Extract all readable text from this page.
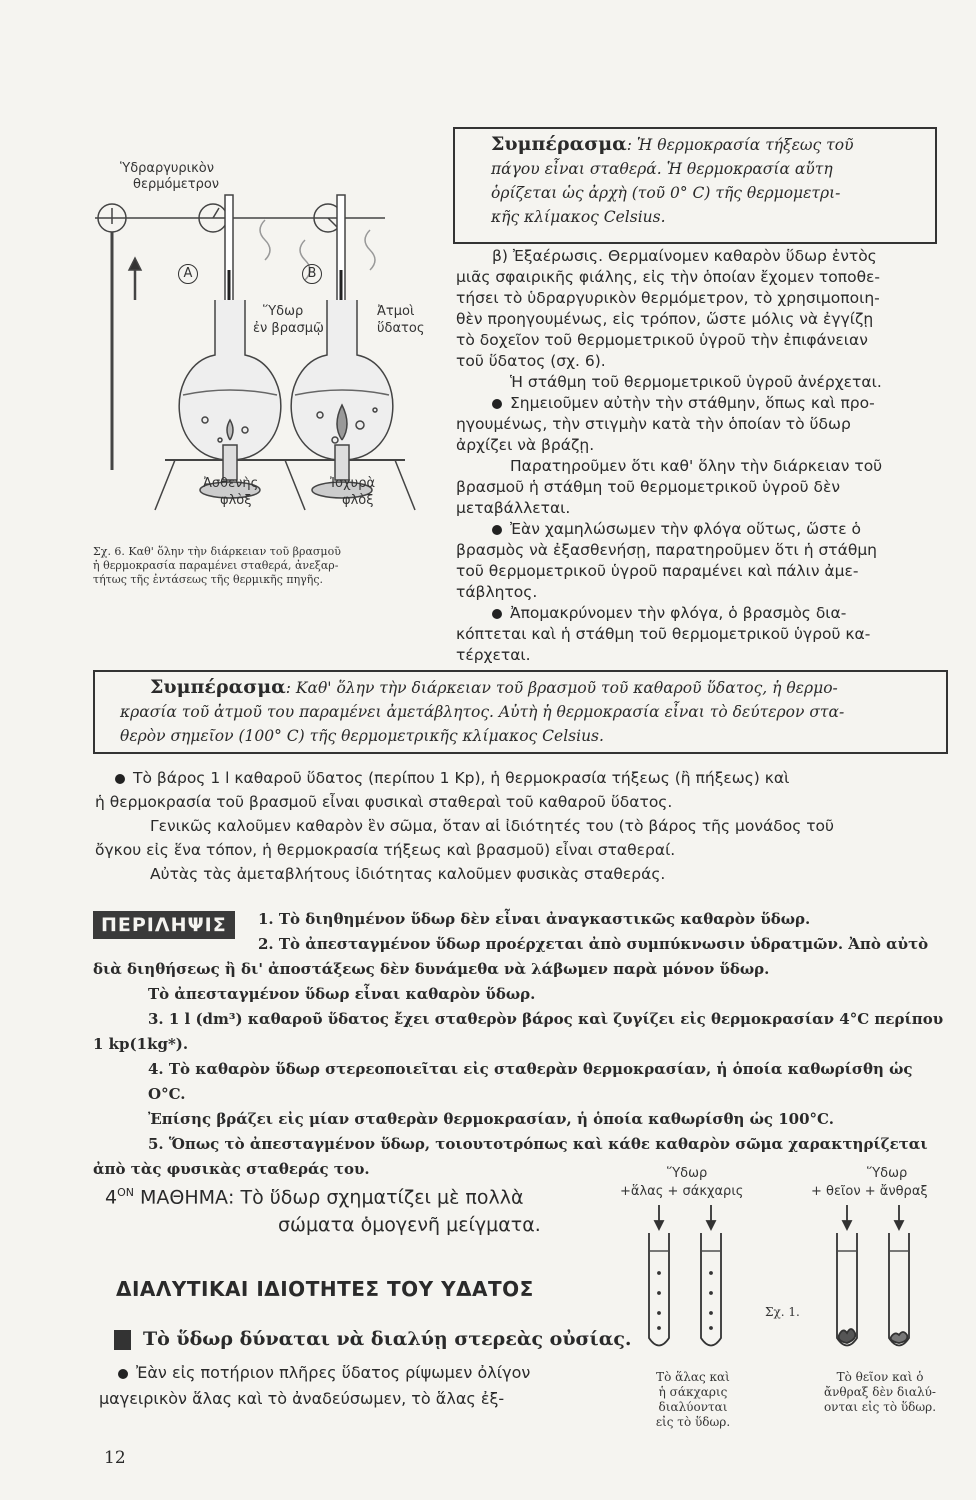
Ὑδραργυρικὸν
θερμόμετρον
A	B
Ὕδωρ
ἐν βρασμῷ
Ἀτμοὶ
ὕδατος
Ἀσθενὴς
φλὸξ
Ἰσχυρὰ
φλὸξ
Σχ. 6. Καθ' ὅλην τὴν διάρκειαν τοῦ βρασμοῦ
ἡ θερμοκρασία παραμένει σταθερά, ἀνεξαρ-
τήτως τῆς ἐντάσεως τῆς θερμικῆς πηγῆς.
Συμπέρασμα: Ἡ θερμοκρασία τήξεως τοῦ
πάγου εἶναι σταθερά. Ἡ θερμοκρασία αὕτη
ὁρίζεται ὡς ἀρχὴ (τοῦ 0° C) τῆς θερμομετρι-
κῆς κλίμακος Celsius.
β) Ἐξαέρωσις. Θερμαίνομεν καθαρὸν ὕδωρ ἐντὸς
μιᾶς σφαιρικῆς φιάλης, εἰς τὴν ὁποίαν ἔχομεν τοποθε-
τήσει τὸ ὑδραργυρικὸν θερμόμετρον, τὸ χρησιμοποιη-
θὲν προηγουμένως, εἰς τρόπον, ὥστε μόλις νὰ ἐγγίζῃ
τὸ δοχεῖον τοῦ θερμομετρικοῦ ὑγροῦ τὴν ἐπιφάνειαν
τοῦ ὕδατος (σχ. 6).
Ἡ στάθμη τοῦ θερμομετρικοῦ ὑγροῦ ἀνέρχεται.
Σημειοῦμεν αὐτὴν τὴν στάθμην, ὅπως καὶ προ-
ηγουμένως, τὴν στιγμὴν κατὰ τὴν ὁποίαν τὸ ὕδωρ
ἀρχίζει νὰ βράζῃ.
Παρατηροῦμεν ὅτι καθ' ὅλην τὴν διάρκειαν τοῦ
βρασμοῦ ἡ στάθμη τοῦ θερμομετρικοῦ ὑγροῦ δὲν
μεταβάλλεται.
Ἐὰν χαμηλώσωμεν τὴν φλόγα οὕτως, ὥστε ὁ
βρασμὸς νὰ ἐξασθενήσῃ, παρατηροῦμεν ὅτι ἡ στάθμη
τοῦ θερμομετρικοῦ ὑγροῦ παραμένει καὶ πάλιν ἀμε-
τάβλητος.
Ἀπομακρύνομεν τὴν φλόγα, ὁ βρασμὸς δια-
κόπτεται καὶ ἡ στάθμη τοῦ θερμομετρικοῦ ὑγροῦ κα-
τέρχεται.
Συμπέρασμα: Καθ' ὅλην τὴν διάρκειαν τοῦ βρασμοῦ τοῦ καθαροῦ ὕδατος, ἡ θερμο-
κρασία τοῦ ἀτμοῦ του παραμένει ἀμετάβλητος. Αὐτὴ ἡ θερμοκρασία εἶναι τὸ δεύτερον στα-
θερὸν σημεῖον (100° C) τῆς θερμομετρικῆς κλίμακος Celsius.
Τὸ βάρος 1 l καθαροῦ ὕδατος (περίπου 1 Kp), ἡ θερμοκρασία τήξεως (ἢ πήξεως) καὶ
ἡ θερμοκρασία τοῦ βρασμοῦ εἶναι φυσικαὶ σταθεραὶ τοῦ καθαροῦ ὕδατος.
Γενικῶς καλοῦμεν καθαρὸν ἓν σῶμα, ὅταν αἱ ἰδιότητές του (τὸ βάρος τῆς μονάδος τοῦ
ὄγκου εἰς ἕνα τόπον, ἡ θερμοκρασία τήξεως καὶ βρασμοῦ) εἶναι σταθεραί.
Αὐτὰς τὰς ἀμεταβλήτους ἰδιότητας καλοῦμεν φυσικὰς σταθεράς.
ΠΕΡΙΛΗΨΙΣ	1. Τὸ διηθημένον ὕδωρ δὲν εἶναι ἀναγκαστικῶς καθαρὸν ὕδωρ.
2. Τὸ ἀπεσταγμένον ὕδωρ προέρχεται ἀπὸ συμπύκνωσιν ὑδρατμῶν. Ἀπὸ αὐτὸ
διὰ διηθήσεως ἢ δι' ἀποστάξεως δὲν δυνάμεθα νὰ λάβωμεν παρὰ μόνον ὕδωρ.
Τὸ ἀπεσταγμένον ὕδωρ εἶναι καθαρὸν ὕδωρ.
3. 1 l (dm³) καθαροῦ ὕδατος ἔχει σταθερὸν βάρος καὶ ζυγίζει εἰς θερμοκρασίαν 4°C περίπου
1 kp(1kg*).
4. Τὸ καθαρὸν ὕδωρ στερεοποιεῖται εἰς σταθερὰν θερμοκρασίαν, ἡ ὁποία καθωρίσθη ὡς O°C.
Ἐπίσης βράζει εἰς μίαν σταθερὰν θερμοκρασίαν, ἡ ὁποία καθωρίσθη ὡς 100°C.
5. Ὅπως τὸ ἀπεσταγμένον ὕδωρ, τοιουτοτρόπως καὶ κάθε καθαρὸν σῶμα χαρακτηρίζεται
ἀπὸ τὰς φυσικὰς σταθεράς του.
$4^{ON}$ ΜΑΘΗΜΑ: Τὸ ὕδωρ σχηματίζει μὲ πολλὰ
σώματα ὁμογενῆ μείγματα.
ΔΙΑΛΥΤΙΚΑΙ ΙΔΙΟΤΗΤΕΣ ΤΟΥ ΥΔΑΤΟΣ
Τὸ ὕδωρ δύναται νὰ διαλύῃ στερεὰς οὐσίας.
Ἐὰν εἰς ποτήριον πλῆρες ὕδατος ρίψωμεν ὀλίγον
μαγειρικὸν ἅλας καὶ τὸ ἀναδεύσωμεν, τὸ ἅλας ἐξ-
Ὕδωρ
+ἅλας + σάκχαρις
Ὕδωρ
+ θεῖον + ἄνθραξ
Σχ. 1.
Τὸ ἅλας καὶ
ἡ σάκχαρις
διαλύονται
εἰς τὸ ὕδωρ.
Τὸ θεῖον καὶ ὁ
ἄνθραξ δὲν διαλύ-
ονται εἰς τὸ ὕδωρ.
12
